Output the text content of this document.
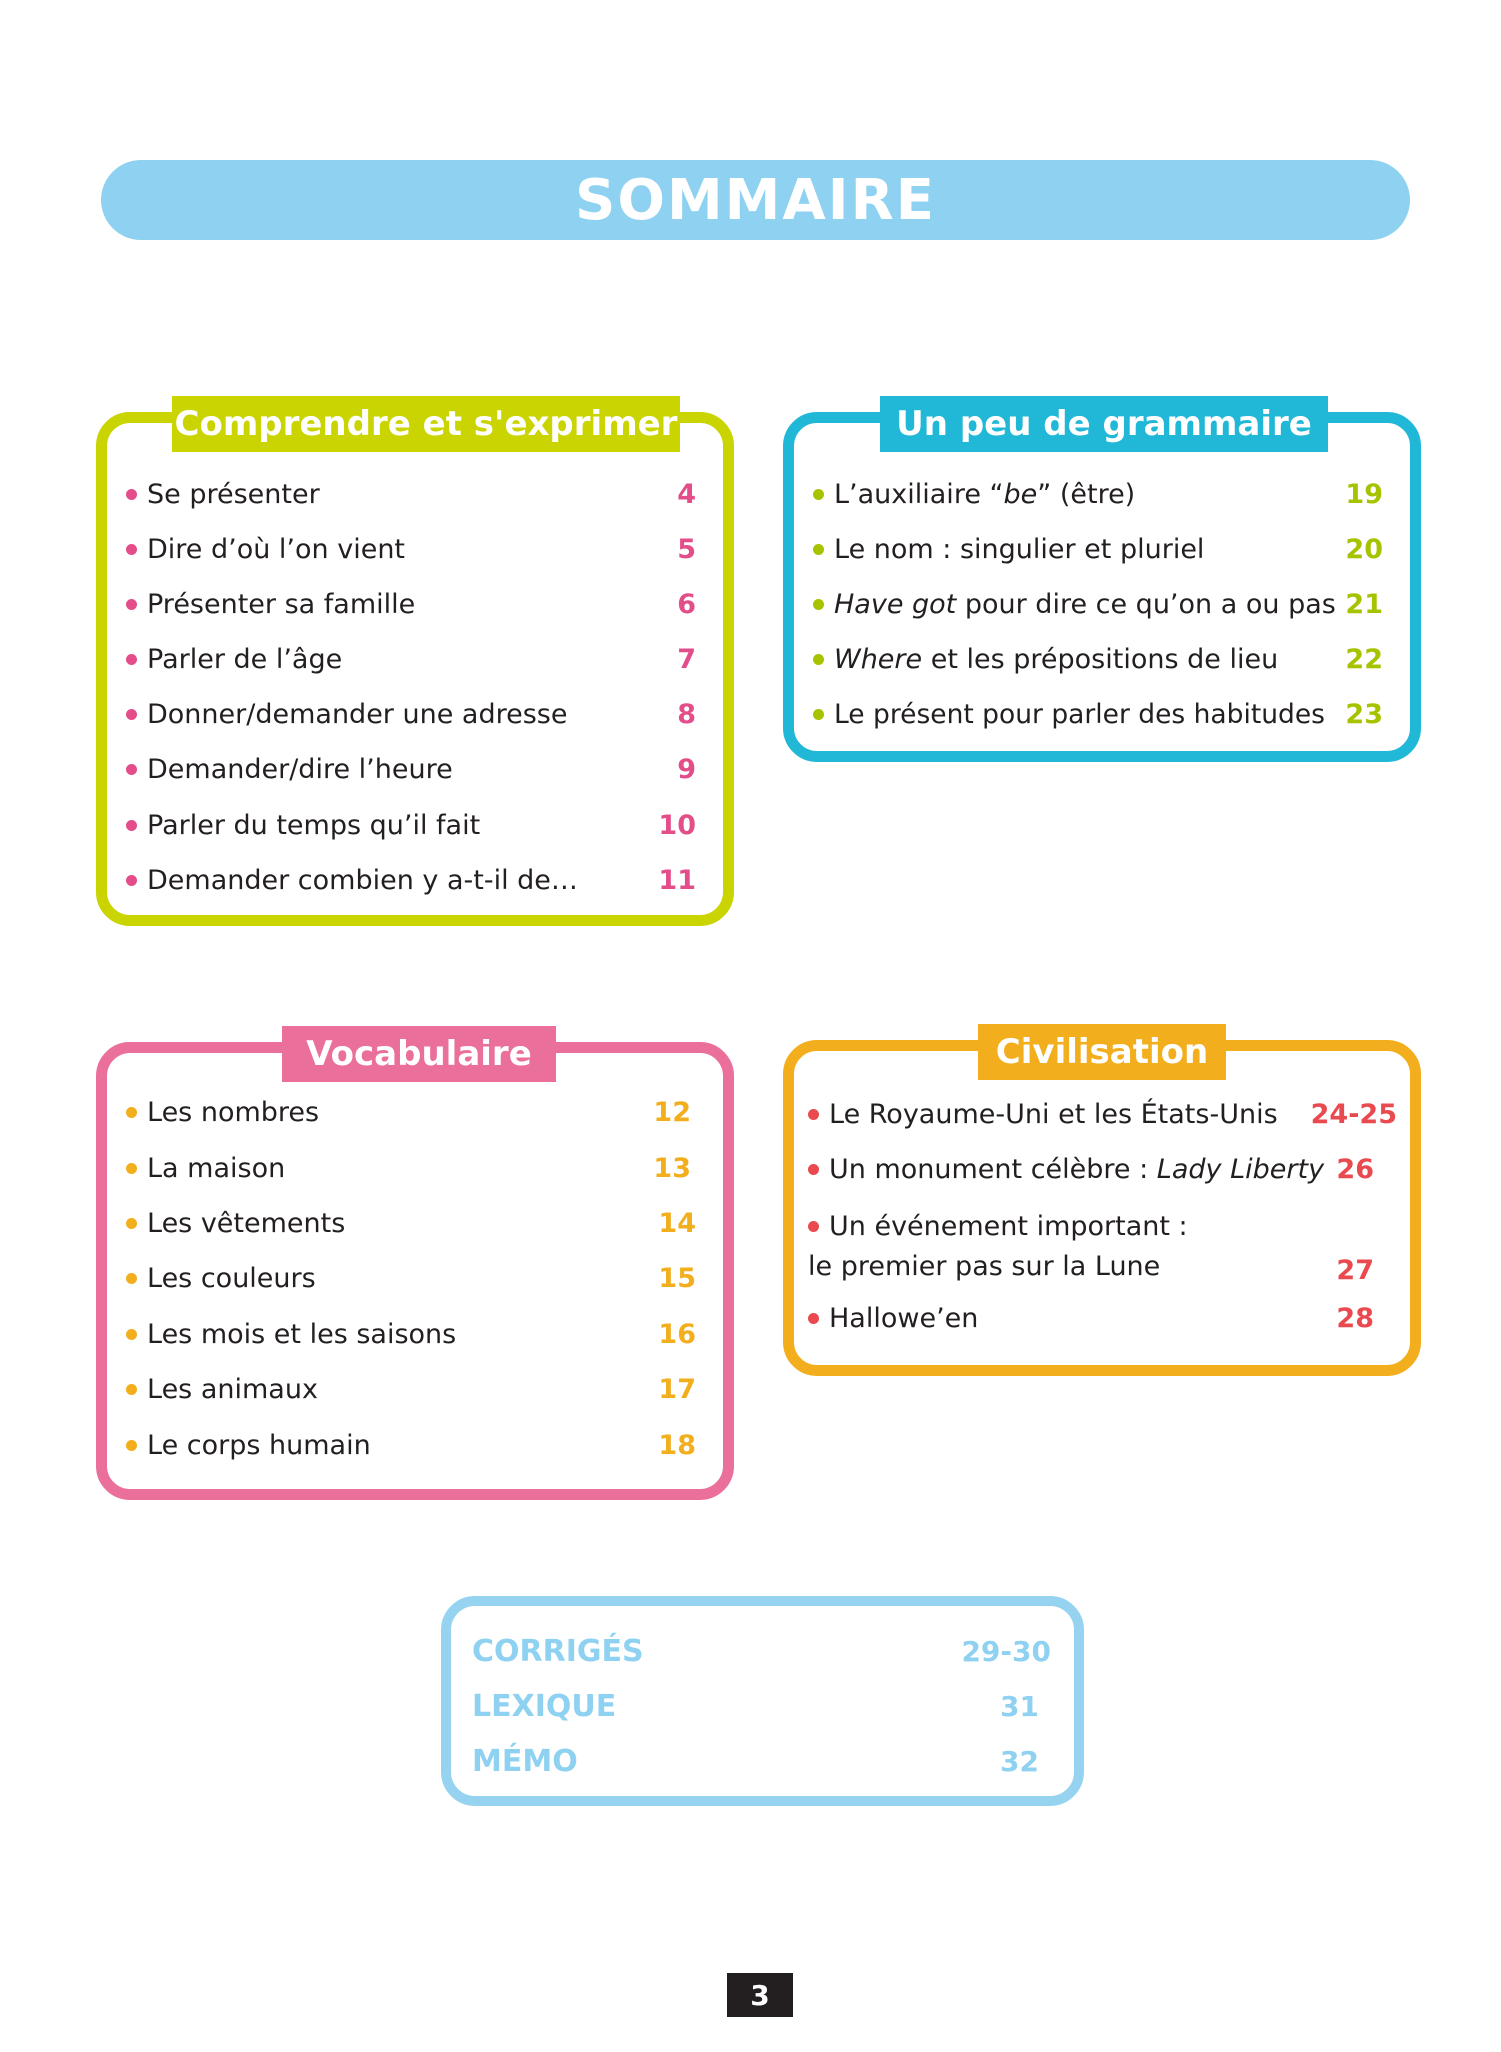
SOMMAIRE
Comprendre et s'exprimer
Se présenter	4
Dire d’où l’on vient	5
Présenter sa famille	6
Parler de l’âge	7
Donner/demander une adresse	8
Demander/dire l’heure	9
Parler du temps qu’il fait	10
Demander combien y a-t-il de…	11
Un peu de grammaire
L’auxiliaire “be” (être)	19
Le nom : singulier et pluriel	20
Have got pour dire ce qu’on a ou pas 21
Where et les prépositions de lieu	22
Le présent pour parler des habitudes 23
Vocabulaire
Les nombres	12
La maison	13
Les vêtements	14
Les couleurs	15
Les mois et les saisons	16
Les animaux	17
Le corps humain	18
Civilisation
Le Royaume-Uni et les États-Unis	24-25
Un monument célèbre : Lady Liberty 26
Un événement important :
le premier pas sur la Lune	27
Hallowe’en	28
CORRIGÉS	29-30
LEXIQUE	31
MÉMO	32
3
